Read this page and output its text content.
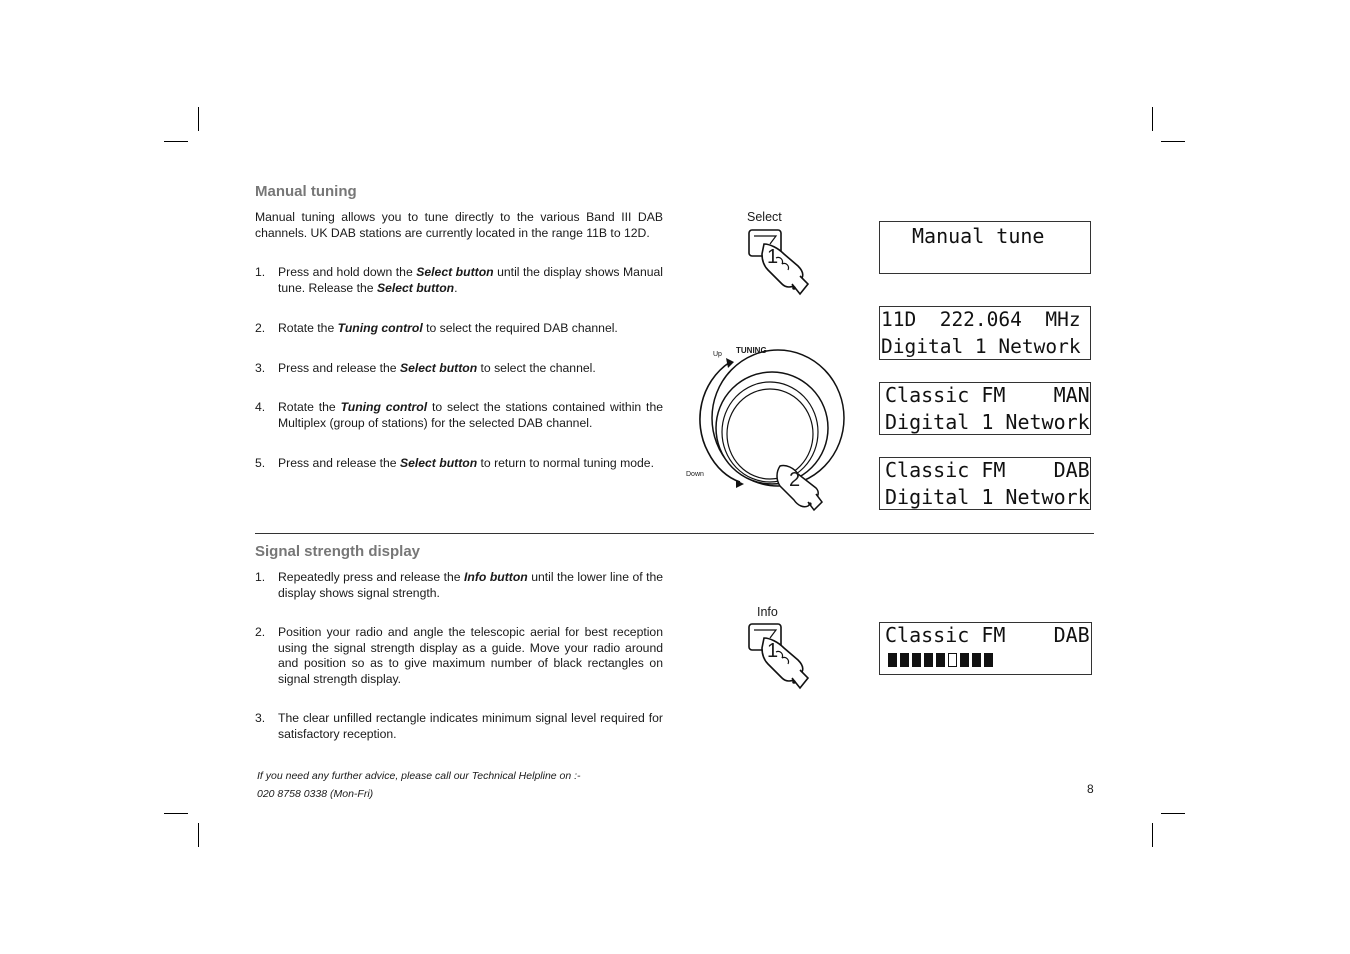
Manual tuning
Manual tuning allows you to tune directly to the various Band III DAB channels. UK DAB stations are currently located in the range 11B to 12D.
1.	Press and hold down the Select button until the display shows Manual tune. Release the Select button.
2.	Rotate the Tuning control to select the required DAB channel.
3.	Press and release the Select button to select the channel.
4.	Rotate the Tuning control to select the stations contained within the Multiplex (group of stations) for the selected DAB channel.
5.	Press and release the Select button to return to normal tuning mode.
Signal strength display
1.	Repeatedly press and release the Info button until the lower line of the display shows signal strength.
2.	Position your radio and angle the telescopic aerial for best reception using the signal strength display as a guide. Move your radio around and position so as to give maximum number of black rectangles on signal strength display.
3.	The clear unfilled rectangle indicates minimum signal level required for satisfactory reception.
Select
1
Up TUNING
Down	2
Info
1
Manual tune
11D  222.064  MHz
Digital 1 Network
Classic FM    MAN
Digital 1 Network
Classic FM    DAB
Digital 1 Network
Classic FM    DAB
If you need any further advice, please call our Technical Helpline on :-
020 8758 0338 (Mon-Fri)	8
